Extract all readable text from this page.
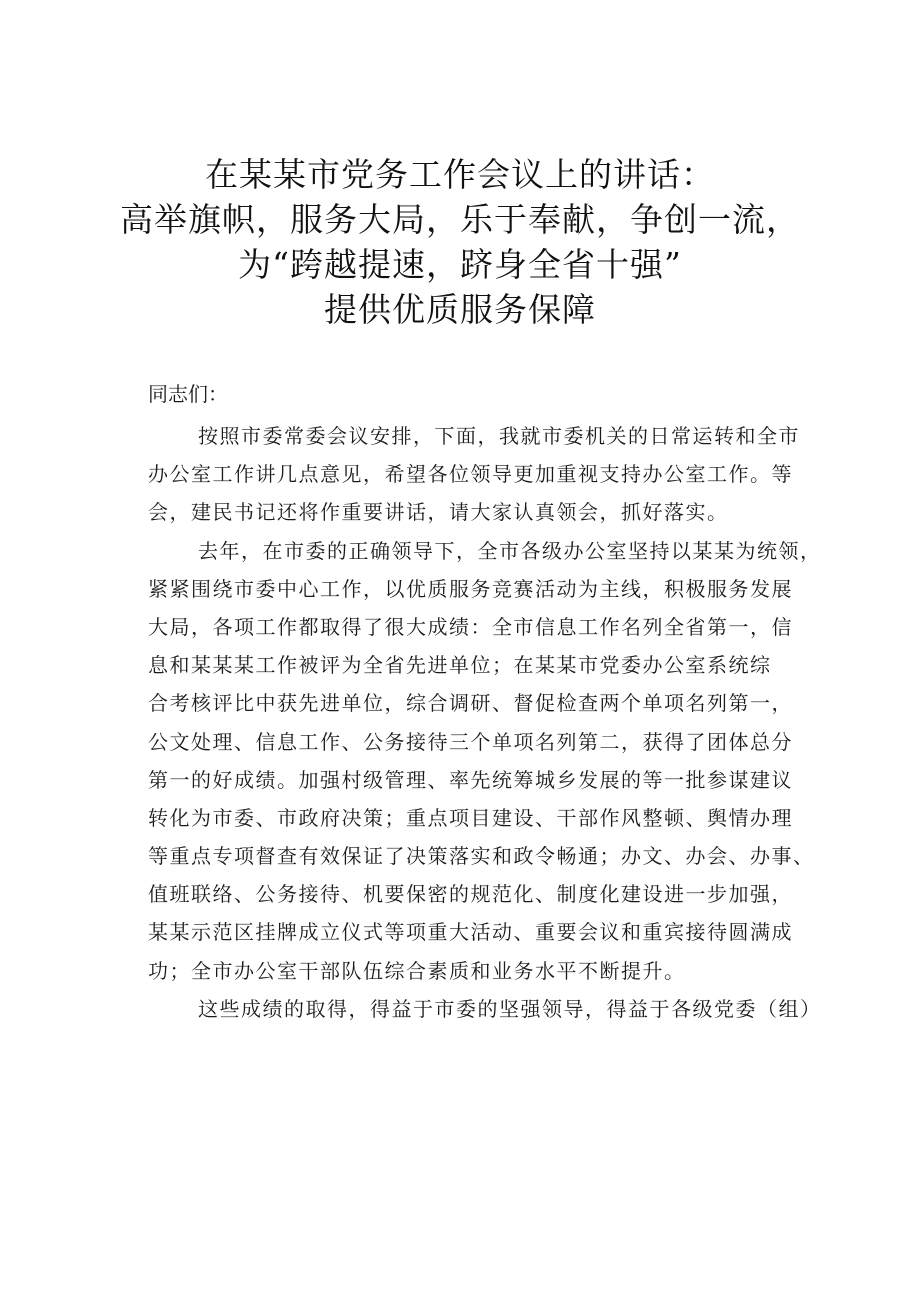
在某某市党务工作会议上的讲话：
高举旗帜，服务大局，乐于奉献，争创一流，
为“跨越提速，跻身全省十强”
提供优质服务保障
同志们：
按照市委常委会议安排，下面，我就市委机关的日常运转和全市
办公室工作讲几点意见，希望各位领导更加重视支持办公室工作。等
会，建民书记还将作重要讲话，请大家认真领会，抓好落实。
去年，在市委的正确领导下，全市各级办公室坚持以某某为统领，
紧紧围绕市委中心工作，以优质服务竞赛活动为主线，积极服务发展
大局，各项工作都取得了很大成绩：全市信息工作名列全省第一，信
息和某某某工作被评为全省先进单位；在某某市党委办公室系统综
合考核评比中获先进单位，综合调研、督促检查两个单项名列第一，
公文处理、信息工作、公务接待三个单项名列第二，获得了团体总分
第一的好成绩。加强村级管理、率先统筹城乡发展的等一批参谋建议
转化为市委、市政府决策；重点项目建设、干部作风整顿、舆情办理
等重点专项督查有效保证了决策落实和政令畅通；办文、办会、办事、
值班联络、公务接待、机要保密的规范化、制度化建设进一步加强，
某某示范区挂牌成立仪式等项重大活动、重要会议和重宾接待圆满成
功；全市办公室干部队伍综合素质和业务水平不断提升。
这些成绩的取得，得益于市委的坚强领导，得益于各级党委（组）
